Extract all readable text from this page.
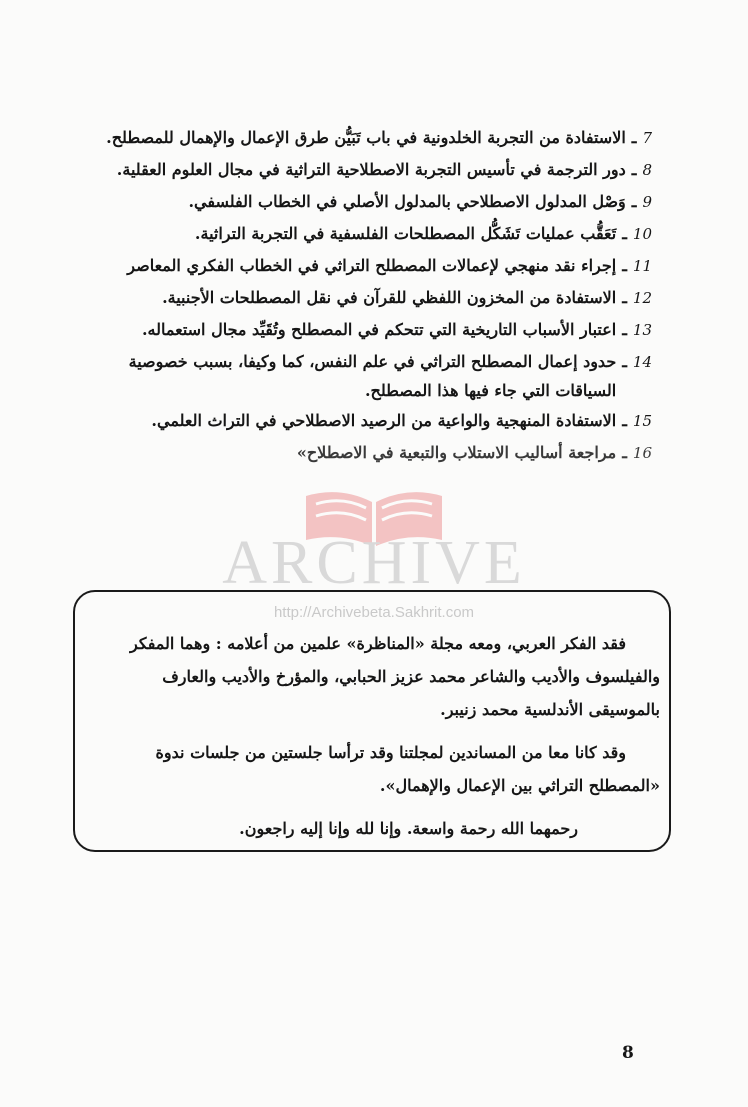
7
ـ
الاستفادة من التجربة الخلدونية في باب تَبَيُّن طرق الإعمال والإهمال للمصطلح.
8
ـ
دور الترجمة في تأسيس التجربة الاصطلاحية التراثية في مجال العلوم العقلية.
9
ـ
وَصْل المدلول الاصطلاحي بالمدلول الأصلي في الخطاب الفلسفي.
10
ـ
تَعَقُّب عمليات تَشَكُّل المصطلحات الفلسفية في التجربة التراثية.
11
ـ
إجراء نقد منهجي لإعمالات المصطلح التراثي في الخطاب الفكري المعاصر
12
ـ
الاستفادة من المخزون اللفظي للقرآن في نقل المصطلحات الأجنبية.
13
ـ
اعتبار الأسباب التاريخية التي تتحكم في المصطلح وتُقَيِّد مجال استعماله.
14
ـ
حدود إعمال المصطلح التراثي في علم النفس، كما وكيفا، بسبب خصوصية السياقات التي جاء فيها هذا المصطلح.
15
ـ
الاستفادة المنهجية والواعية من الرصيد الاصطلاحي في التراث العلمي.
16
ـ
مراجعة أساليب الاستلاب والتبعية في الاصطلاح»
ARCHIVE
http://Archivebeta.Sakhrit.com

فقد الفكر العربي، ومعه مجلة «المناظرة» علمين من أعلامه : وهما المفكر والفيلسوف والأديب والشاعر محمد عزيز الحبابي، والمؤرخ والأديب والعارف بالموسيقى الأندلسية محمد زنيبر.

وقد كانا معا من المساندين لمجلتنا وقد ترأسا جلستين من جلسات ندوة «المصطلح التراثي بين الإعمال والإهمال».

رحمهما الله رحمة واسعة. وإنا لله وإنا إليه راجعون.

8
